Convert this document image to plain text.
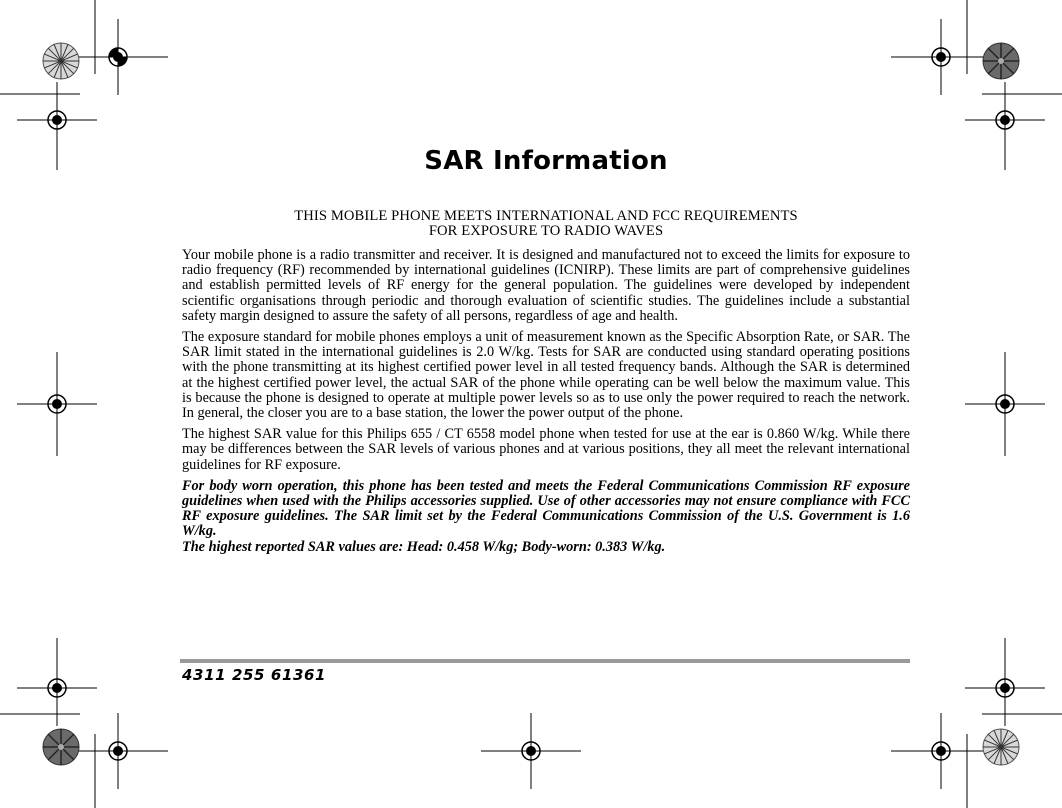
SAR Information
THIS MOBILE PHONE MEETS INTERNATIONAL AND FCC REQUIREMENTS
FOR EXPOSURE TO RADIO WAVES

Your mobile phone is a radio transmitter and receiver. It is designed and manufactured not to exceed the limits for exposure to radio frequency (RF) recommended by international guidelines (ICNIRP). These limits are part of comprehensive guidelines and establish permitted levels of RF energy for the general population. The guidelines were developed by independent scientific organisations through periodic and thorough evaluation of scientific studies. The guidelines include a substantial safety margin designed to assure the safety of all persons, regardless of age and health.

The exposure standard for mobile phones employs a unit of measurement known as the Specific Absorption Rate, or SAR. The SAR limit stated in the international guidelines is 2.0 W/kg. Tests for SAR are conducted using standard operating positions with the phone transmitting at its highest certified power level in all tested frequency bands. Although the SAR is determined at the highest certified power level, the actual SAR of the phone while operating can be well below the maximum value. This is because the phone is designed to operate at multiple power levels so as to use only the power required to reach the network. In general, the closer you are to a base station, the lower the power output of the phone.

The highest SAR value for this Philips 655 / CT 6558 model phone when tested for use at the ear is 0.860 W/kg. While there may be differences between the SAR levels of various phones and at various positions, they all meet the relevant international guidelines for RF exposure.

For body worn operation, this phone has been tested and meets the Federal Communications Commission RF exposure guidelines when used with the Philips accessories supplied. Use of other accessories may not ensure compliance with FCC RF exposure guidelines. The SAR limit set by the Federal Communications Commission of the U.S. Government is 1.6 W/kg.

The highest reported SAR values are: Head: 0.458 W/kg; Body-worn: 0.383 W/kg.

4311 255 61361
